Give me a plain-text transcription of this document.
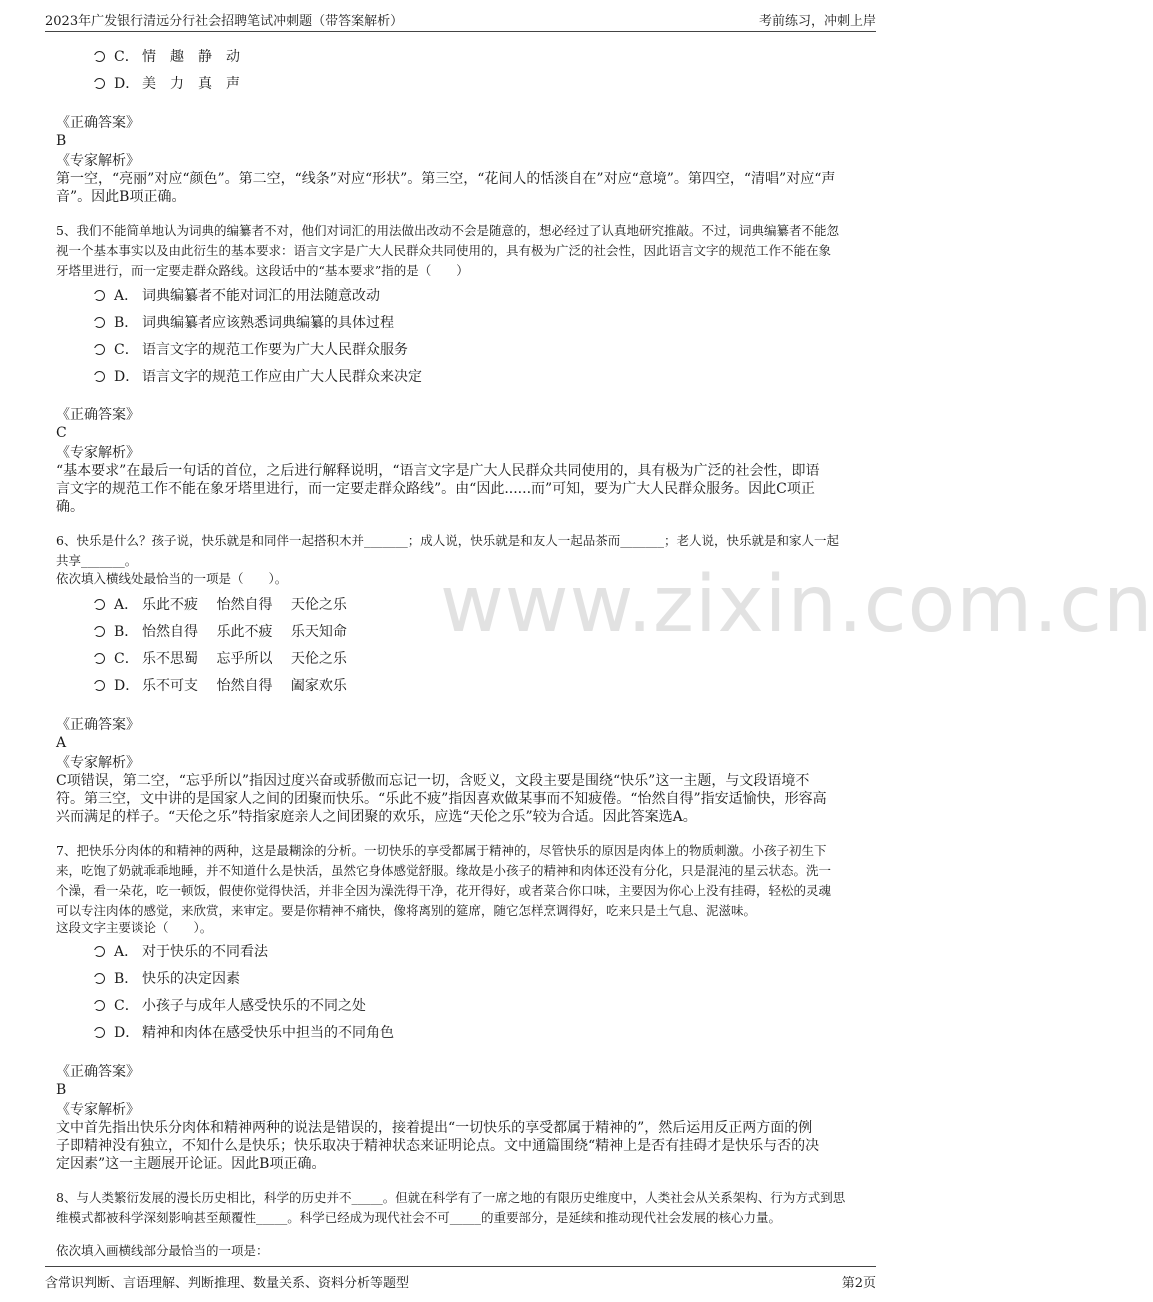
2023年广发银行清远分行社会招聘笔试冲刺题（带答案解析）	考前练习，冲刺上岸
www.zixin.com.cn
C． 情　趣　静　动
D． 美　力　真　声
《正确答案》
B
《专家解析》
第一空，“亮丽”对应“颜色”。第二空，“线条”对应“形状”。第三空，“花间人的恬淡自在”对应“意境”。第四空，“清唱”对应“声
音”。因此B项正确。
5、我们不能简单地认为词典的编纂者不对，他们对词汇的用法做出改动不会是随意的，想必经过了认真地研究推敲。不过，词典编纂者不能忽
视一个基本事实以及由此衍生的基本要求：语言文字是广大人民群众共同使用的，具有极为广泛的社会性，因此语言文字的规范工作不能在象
牙塔里进行，而一定要走群众路线。这段话中的“基本要求”指的是（　　）
A． 词典编纂者不能对词汇的用法随意改动
B． 词典编纂者应该熟悉词典编纂的具体过程
C． 语言文字的规范工作要为广大人民群众服务
D． 语言文字的规范工作应由广大人民群众来决定
《正确答案》
C
《专家解析》
“基本要求”在最后一句话的首位，之后进行解释说明，“语言文字是广大人民群众共同使用的，具有极为广泛的社会性，即语
言文字的规范工作不能在象牙塔里进行，而一定要走群众路线”。由“因此......而”可知，要为广大人民群众服务。因此C项正
确。
6、快乐是什么？孩子说，快乐就是和同伴一起搭积木并_______；成人说，快乐就是和友人一起品茶而_______；老人说，快乐就是和家人一起
共享_______。
依次填入横线处最恰当的一项是（　　）。
A． 乐此不疲　 怡然自得　 天伦之乐
B． 怡然自得　 乐此不疲　 乐天知命
C． 乐不思蜀　 忘乎所以　 天伦之乐
D． 乐不可支　 怡然自得　 阖家欢乐
《正确答案》
A
《专家解析》
C项错误，第二空，“忘乎所以”指因过度兴奋或骄傲而忘记一切，含贬义，文段主要是围绕“快乐”这一主题，与文段语境不
符。第三空，文中讲的是国家人之间的团聚而快乐。“乐此不疲”指因喜欢做某事而不知疲倦。“怡然自得”指安适愉快，形容高
兴而满足的样子。“天伦之乐”特指家庭亲人之间团聚的欢乐，应选“天伦之乐”较为合适。因此答案选A。
7、把快乐分肉体的和精神的两种，这是最糊涂的分析。一切快乐的享受都属于精神的，尽管快乐的原因是肉体上的物质刺激。小孩子初生下
来，吃饱了奶就乖乖地睡，并不知道什么是快活，虽然它身体感觉舒服。缘故是小孩子的精神和肉体还没有分化，只是混沌的星云状态。洗一
个澡，看一朵花，吃一顿饭，假使你觉得快活，并非全因为澡洗得干净，花开得好，或者菜合你口味，主要因为你心上没有挂碍，轻松的灵魂
可以专注肉体的感觉，来欣赏，来审定。要是你精神不痛快，像将离别的筵席，随它怎样烹调得好，吃来只是土气息、泥滋味。
这段文字主要谈论（　　）。
A． 对于快乐的不同看法
B． 快乐的决定因素
C． 小孩子与成年人感受快乐的不同之处
D． 精神和肉体在感受快乐中担当的不同角色
《正确答案》
B
《专家解析》
文中首先指出快乐分肉体和精神两种的说法是错误的，接着提出“一切快乐的享受都属于精神的”，然后运用反正两方面的例
子即精神没有独立，不知什么是快乐；快乐取决于精神状态来证明论点。文中通篇围绕“精神上是否有挂碍才是快乐与否的决
定因素”这一主题展开论证。因此B项正确。
8、与人类繁衍发展的漫长历史相比，科学的历史并不_____。但就在科学有了一席之地的有限历史维度中，人类社会从关系架构、行为方式到思
维模式都被科学深刻影响甚至颠覆性_____。科学已经成为现代社会不可_____的重要部分，是延续和推动现代社会发展的核心力量。
依次填入画横线部分最恰当的一项是：
含常识判断、言语理解、判断推理、数量关系、资料分析等题型	第2页
